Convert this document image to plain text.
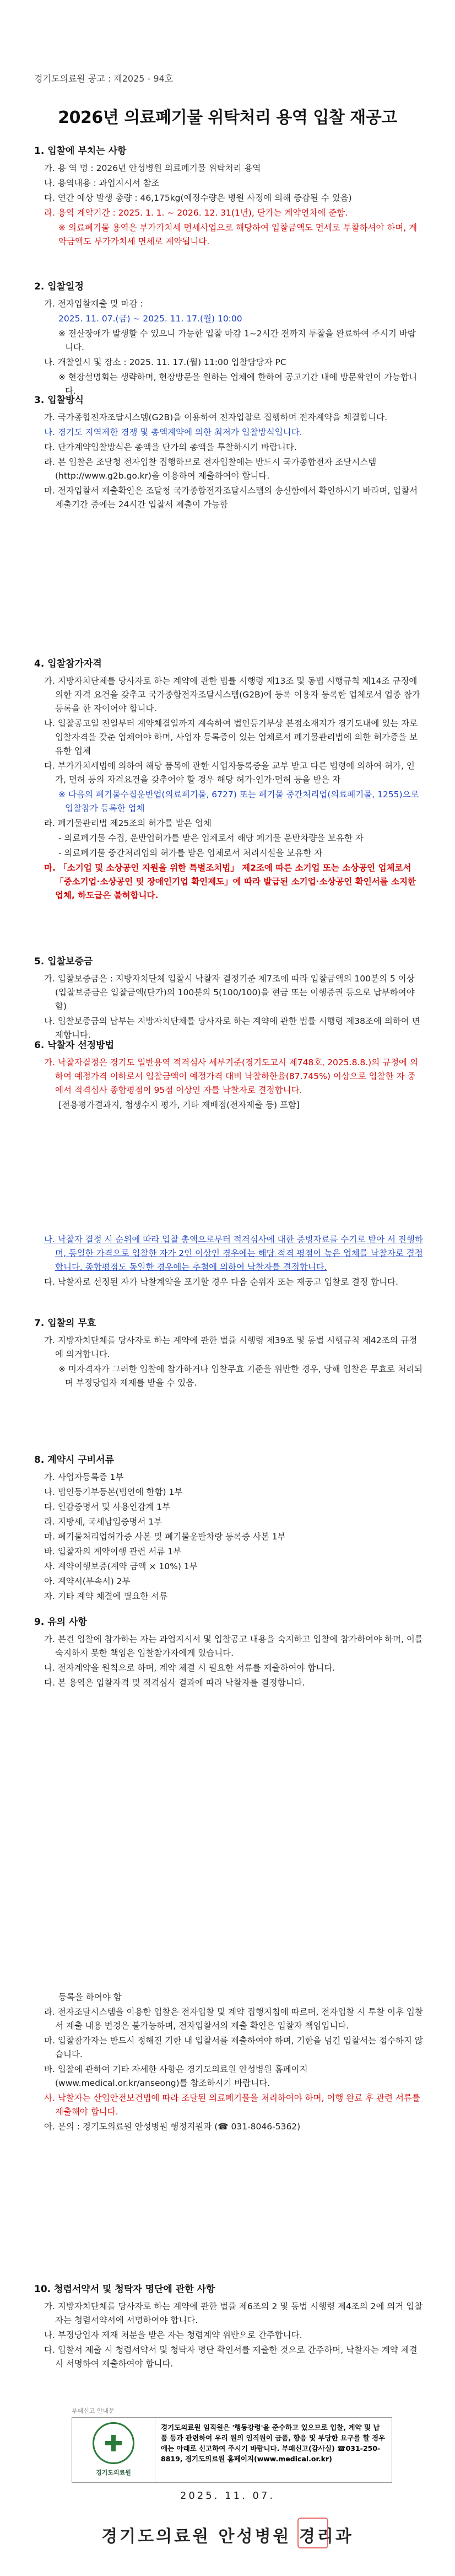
경기도의료원 공고 : 제2025 - 94호
2026년 의료폐기물 위탁처리 용역 입찰 재공고
1. 입찰에 부치는 사항
가. 용 역 명 : 2026년 안성병원 의료폐기물 위탁처리 용역
나. 용역내용 : 과업지시서 참조
다. 연간 예상 발생 총량 : 46,175kg(예정수량은 병원 사정에 의해 증감될 수 있음)
라. 용역 계약기간 : 2025. 1. 1. ~ 2026. 12. 31(1년), 단가는 계약연차에 준함.
※ 의료폐기물 용역은 부가가치세 면세사업으로 해당하여 입찰금액도 면세로 투찰하셔야 하며, 계약금액도 부가가치세 면세로 계약됩니다.
2. 입찰일정
가. 전자입찰제출 및 마감 :
2025. 11. 07.(금) ~ 2025. 11. 17.(월) 10:00
※ 전산장애가 발생할 수 있으니 가능한 입찰 마감 1~2시간 전까지 투찰을 완료하여 주시기 바랍니다.
나. 개찰일시 및 장소 : 2025. 11. 17.(월) 11:00 입찰담당자 PC
※ 현장설명회는 생략하며, 현장방문을 원하는 업체에 한하여 공고기간 내에 방문확인이 가능합니다.
3. 입찰방식
가. 국가종합전자조달시스템(G2B)을 이용하여 전자입찰로 집행하며 전자계약을 체결합니다.
나. 경기도 지역제한 경쟁 및 총액계약에 의한 최저가 입찰방식입니다.
다. 단가계약입찰방식은 총액을 단가의 총액을 투찰하시기 바랍니다.
라. 본 입찰은 조달청 전자입찰 집행하므로 전자입찰에는 반드시 국가종합전자 조달시스템(http://www.g2b.go.kr)을 이용하여 제출하여야 합니다.
마. 전자입찰서 제출확인은 조달청 국가종합전자조달시스템의 송신함에서 확인하시기 바라며, 입찰서 제출기간 중에는 24시간 입찰서 제출이 가능함
4. 입찰참가자격
가. 지방자치단체를 당사자로 하는 계약에 관한 법률 시행령 제13조 및 동법 시행규칙 제14조 규정에 의한 자격 요건을 갖추고 국가종합전자조달시스템(G2B)에 등록 이용자 등록한 업체로서 업종 참가등록을 한 자이어야 합니다.
나. 입찰공고일 전일부터 계약체결일까지 계속하여 법인등기부상 본점소재지가 경기도내에 있는 자로 입찰자격을 갖춘 업체여야 하며, 사업자 등록증이 있는 업체로서 폐기물관리법에 의한 허가증을 보유한 업체
다. 부가가치세법에 의하여 해당 품목에 관한 사업자등록증을 교부 받고 다른 법령에 의하여 허가, 인가, 면허 등의 자격요건을 갖추어야 할 경우 해당 허가·인가·면허 등을 받은 자
※ 다음의 폐기물수집운반업(의료폐기물, 6727) 또는 폐기물 중간처리업(의료폐기물, 1255)으로 입찰참가 등록한 업체
라. 폐기물관리법 제25조의 허가를 받은 업체
- 의료폐기물 수집, 운반업허가를 받은 업체로서 해당 폐기물 운반차량을 보유한 자
- 의료폐기물 중간처리업의 허가를 받은 업체로서 처리시설을 보유한 자
마. 「소기업 및 소상공인 지원을 위한 특별조치법」 제2조에 따른 소기업 또는 소상공인 업체로서 「중소기업·소상공인 및 장애인기업 확인제도」에 따라 발급된 소기업·소상공인 확인서를 소지한 업체, 하도급은 불허합니다.
5. 입찰보증금
가. 입찰보증금은 : 지방자치단체 입찰시 낙찰자 결정기준 제7조에 따라 입찰금액의 100분의 5 이상(입찰보증금은 입찰금액(단가)의 100분의 5(100/100)을 현금 또는 이행증권 등으로 납부하여야 함)
나. 입찰보증금의 납부는 지방자치단체를 당사자로 하는 계약에 관한 법률 시행령 제38조에 의하여 면제합니다.
6. 낙찰자 선정방법
가. 낙찰자결정은 경기도 일반용역 적격심사 세부기준(경기도고시 제748호, 2025.8.8.)의 규정에 의하여 예정가격 이하로서 입찰금액이 예정가격 대비 낙찰하한율(87.745%) 이상으로 입찰한 자 중에서 적격심사 종합평점이 95점 이상인 자를 낙찰자로 결정합니다.
[전용평가결과지, 첨생수지 평가, 기타 재배점(전자제출 등) 포함]
나. 낙찰자 결정 시 순위에 따라 입찰 총액으로부터 적격심사에 대한 증빙자료를 수기로 받아 서 진행하며, 동일한 가격으로 입찰한 자가 2인 이상인 경우에는 해당 적격 평점이 높은 업체를 낙찰자로 결정합니다. 종합평점도 동일한 경우에는 추첨에 의하여 낙찰자를 결정합니다.
다. 낙찰자로 선정된 자가 낙찰계약을 포기할 경우 다음 순위자 또는 재공고 입찰로 결정 합니다.
7. 입찰의 무효
가. 지방자치단체를 당사자로 하는 계약에 관한 법률 시행령 제39조 및 동법 시행규칙 제42조의 규정에 의거합니다.
※ 미자격자가 그러한 입찰에 참가하거나 입찰무효 기준을 위반한 경우, 당해 입찰은 무효로 처리되며 부정당업자 제재를 받을 수 있음.
8. 계약시 구비서류
가. 사업자등록증 1부
나. 법인등기부등본(법인에 한함) 1부
다. 인감증명서 및 사용인감계 1부
라. 지방세, 국세납입증명서 1부
마. 폐기물처리업허가증 사본 및 폐기물운반차량 등록증 사본 1부
바. 입찰자의 계약이행 관련 서류 1부
사. 계약이행보증(계약 금액 × 10%) 1부
아. 계약서(부속서) 2부
자. 기타 계약 체결에 필요한 서류
9. 유의 사항
가. 본건 입찰에 참가하는 자는 과업지시서 및 입찰공고 내용을 숙지하고 입찰에 참가하여야 하며, 이를 숙지하지 못한 책임은 입찰참가자에게 있습니다.
나. 전자계약을 원칙으로 하며, 계약 체결 시 필요한 서류를 제출하여야 합니다.
다. 본 용역은 입찰자격 및 적격심사 결과에 따라 낙찰자를 결정합니다.
등록을 하여야 함
라. 전자조달시스템을 이용한 입찰은 전자입찰 및 계약 집행지침에 따르며, 전자입찰 시 투찰 이후 입찰서 제출 내용 변경은 불가능하며, 전자입찰서의 제출 확인은 입찰자 책임입니다.
마. 입찰참가자는 반드시 정해진 기한 내 입찰서를 제출하여야 하며, 기한을 넘긴 입찰서는 접수하지 않습니다.
바. 입찰에 관하여 기타 자세한 사항은 경기도의료원 안성병원 홈페이지(www.medical.or.kr/anseong)를 참조하시기 바랍니다.
사. 낙찰자는 산업안전보건법에 따라 조달된 의료폐기물을 처리하여야 하며, 이행 완료 후 관련 서류를 제출해야 합니다.
아. 문의 : 경기도의료원 안성병원 행정지원과 (☎ 031-8046-5362)
10. 청렴서약서 및 청탁자 명단에 관한 사항
가. 지방자치단체를 당사자로 하는 계약에 관한 법률 제6조의 2 및 동법 시행령 제4조의 2에 의거 입찰자는 청렴서약서에 서명하여야 합니다.
나. 부정당업자 제재 처분을 받은 자는 청렴계약 위반으로 간주합니다.
다. 입찰서 제출 시 청렴서약서 및 청탁자 명단 확인서를 제출한 것으로 간주하며, 낙찰자는 계약 체결 시 서명하여 제출하여야 합니다.
부패신고 안내문
경기도의료원
경기도의료원 임직원은 '행동강령'을 준수하고 있으므로 입찰, 계약 및 납품 등과 관련하여 우리 원의 임직원이 금품, 향응 및 부당한 요구를 할 경우에는 아래로 신고하여 주시기 바랍니다. 부패신고(감사실) ☎031-250-8819, 경기도의료원 홈페이지(www.medical.or.kr)
2025. 11. 07.
경기도의료원 안성병원 경리과
